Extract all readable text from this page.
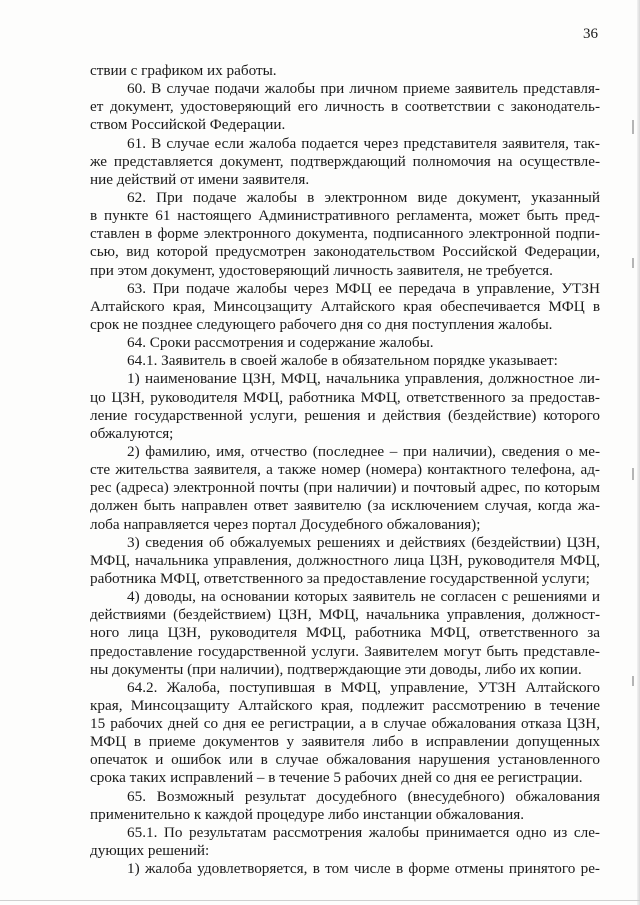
36
ствии с графиком их работы.
60. В случае подачи жалобы при личном приеме заявитель представля-
ет документ, удостоверяющий его личность в соответствии с законодатель-
ством Российской Федерации.
61. В случае если жалоба подается через представителя заявителя, так-
же представляется документ, подтверждающий полномочия на осуществле-
ние действий от имени заявителя.
62. При подаче жалобы в электронном виде документ, указанный
в пункте 61 настоящего Административного регламента, может быть пред-
ставлен в форме электронного документа, подписанного электронной подпи-
сью, вид которой предусмотрен законодательством Российской Федерации,
при этом документ, удостоверяющий личность заявителя, не требуется.
63. При подаче жалобы через МФЦ ее передача в управление, УТЗН
Алтайского края, Минсоцзащиту Алтайского края обеспечивается МФЦ в
срок не позднее следующего рабочего дня со дня поступления жалобы.
64. Сроки рассмотрения и содержание жалобы.
64.1. Заявитель в своей жалобе в обязательном порядке указывает:
1) наименование ЦЗН, МФЦ, начальника управления, должностное ли-
цо ЦЗН, руководителя МФЦ, работника МФЦ, ответственного за предостав-
ление государственной услуги, решения и действия (бездействие) которого
обжалуются;
2) фамилию, имя, отчество (последнее – при наличии), сведения о ме-
сте жительства заявителя, а также номер (номера) контактного телефона, ад-
рес (адреса) электронной почты (при наличии) и почтовый адрес, по которым
должен быть направлен ответ заявителю (за исключением случая, когда жа-
лоба направляется через портал Досудебного обжалования);
3) сведения об обжалуемых решениях и действиях (бездействии) ЦЗН,
МФЦ, начальника управления, должностного лица ЦЗН, руководителя МФЦ,
работника МФЦ, ответственного за предоставление государственной услуги;
4) доводы, на основании которых заявитель не согласен с решениями и
действиями (бездействием) ЦЗН, МФЦ, начальника управления, должност-
ного лица ЦЗН, руководителя МФЦ, работника МФЦ, ответственного за
предоставление государственной услуги. Заявителем могут быть представле-
ны документы (при наличии), подтверждающие эти доводы, либо их копии.
64.2. Жалоба, поступившая в МФЦ, управление, УТЗН Алтайского
края, Минсоцзащиту Алтайского края, подлежит рассмотрению в течение
15 рабочих дней со дня ее регистрации, а в случае обжалования отказа ЦЗН,
МФЦ в приеме документов у заявителя либо в исправлении допущенных
опечаток и ошибок или в случае обжалования нарушения установленного
срока таких исправлений – в течение 5 рабочих дней со дня ее регистрации.
65. Возможный результат досудебного (внесудебного) обжалования
применительно к каждой процедуре либо инстанции обжалования.
65.1. По результатам рассмотрения жалобы принимается одно из сле-
дующих решений:
1) жалоба удовлетворяется, в том числе в форме отмены принятого ре-
